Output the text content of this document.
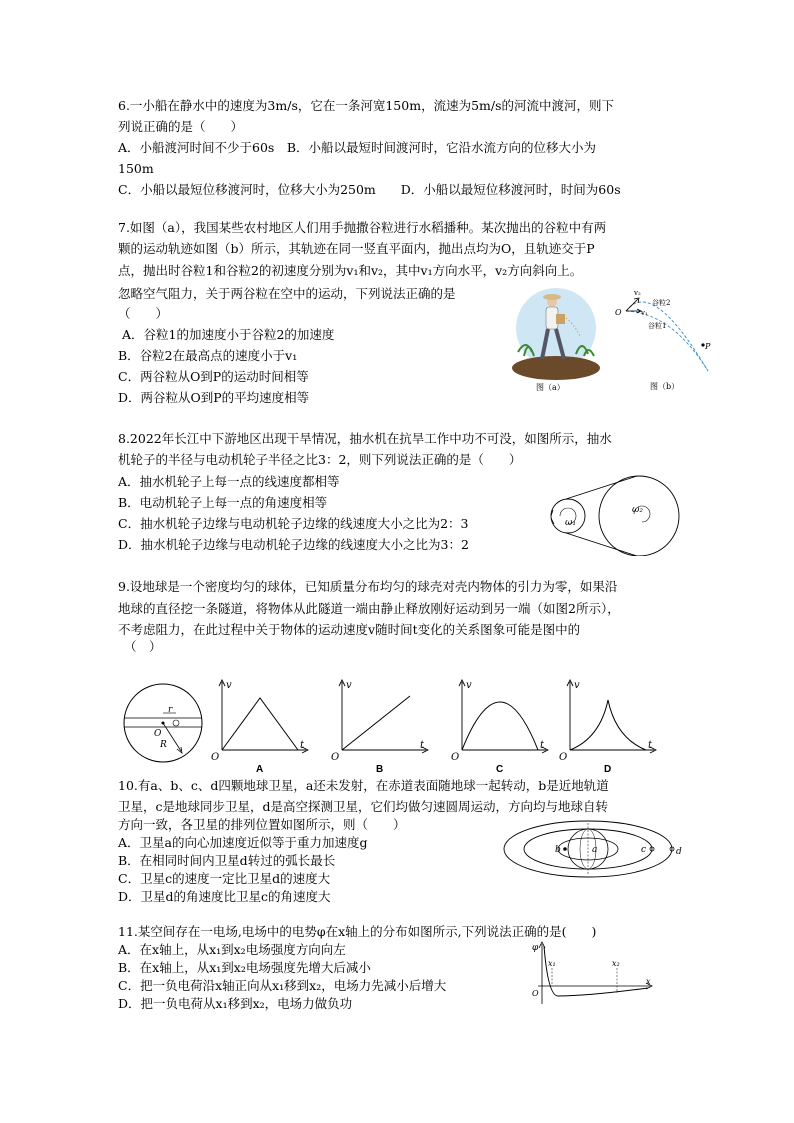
6.一小船在静水中的速度为3m/s，它在一条河宽150m，流速为5m/s的河流中渡河，则下
列说正确的是（　　）
A．小船渡河时间不少于60s　B．小船以最短时间渡河时，它沿水流方向的位移大小为
150m
C．小船以最短位移渡河时，位移大小为250m　　D．小船以最短位移渡河时，时间为60s
7.如图（a），我国某些农村地区人们用手抛撒谷粒进行水稻播种。某次抛出的谷粒中有两
颗的运动轨迹如图（b）所示，其轨迹在同一竖直平面内，抛出点均为O，且轨迹交于P
点，抛出时谷粒1和谷粒2的初速度分别为v₁和v₂，其中v₁方向水平，v₂方向斜向上。
忽略空气阻力，关于两谷粒在空中的运动，下列说法正确的是
（　　）
A．谷粒1的加速度小于谷粒2的加速度
B．谷粒2在最高点的速度小于v₁
C．两谷粒从O到P的运动时间相等
D．两谷粒从O到P的平均速度相等
图（a）
O
v₂
v₁
谷粒2
谷粒1
P
图（b）
8.2022年长江中下游地区出现干旱情况，抽水机在抗旱工作中功不可没，如图所示，抽水
机轮子的半径与电动机轮子半径之比3：2，则下列说法正确的是（　　）
A．抽水机轮子上每一点的线速度都相等
B．电动机轮子上每一点的角速度相等
C．抽水机轮子边缘与电动机轮子边缘的线速度大小之比为2：3
D．抽水机轮子边缘与电动机轮子边缘的线速度大小之比为3：2
ω₁
ω₂
9.设地球是一个密度均匀的球体，已知质量分布均匀的球壳对壳内物体的引力为零，如果沿
地球的直径挖一条隧道，将物体从此隧道一端由静止释放刚好运动到另一端（如图2所示），
不考虑阻力，在此过程中关于物体的运动速度v随时间t变化的关系图象可能是图中的
（　）
r
O
R
v
t
O
A
v
t
O
B
v
t
O
C
v
t
O
D
10.有a、b、c、d四颗地球卫星，a还未发射，在赤道表面随地球一起转动，b是近地轨道
卫星，c是地球同步卫星，d是高空探测卫星，它们均做匀速圆周运动，方向均与地球自转
方向一致，各卫星的排列位置如图所示，则（　　）
A．卫星a的向心加速度近似等于重力加速度g
B．在相同时间内卫星d转过的弧长最长
C．卫星c的速度一定比卫星d的速度大
D．卫星d的角速度比卫星c的角速度大
b	a	c	d
11.某空间存在一电场,电场中的电势φ在x轴上的分布如图所示,下列说法正确的是(　　)
A．在x轴上，从x₁到x₂电场强度方向向左
B．在x轴上，从x₁到x₂电场强度先增大后减小
C．把一负电荷沿x轴正向从x₁移到x₂，电场力先减小后增大
D．把一负电荷从x₁移到x₂，电场力做负功
φ
x₁	x₂
O
x
